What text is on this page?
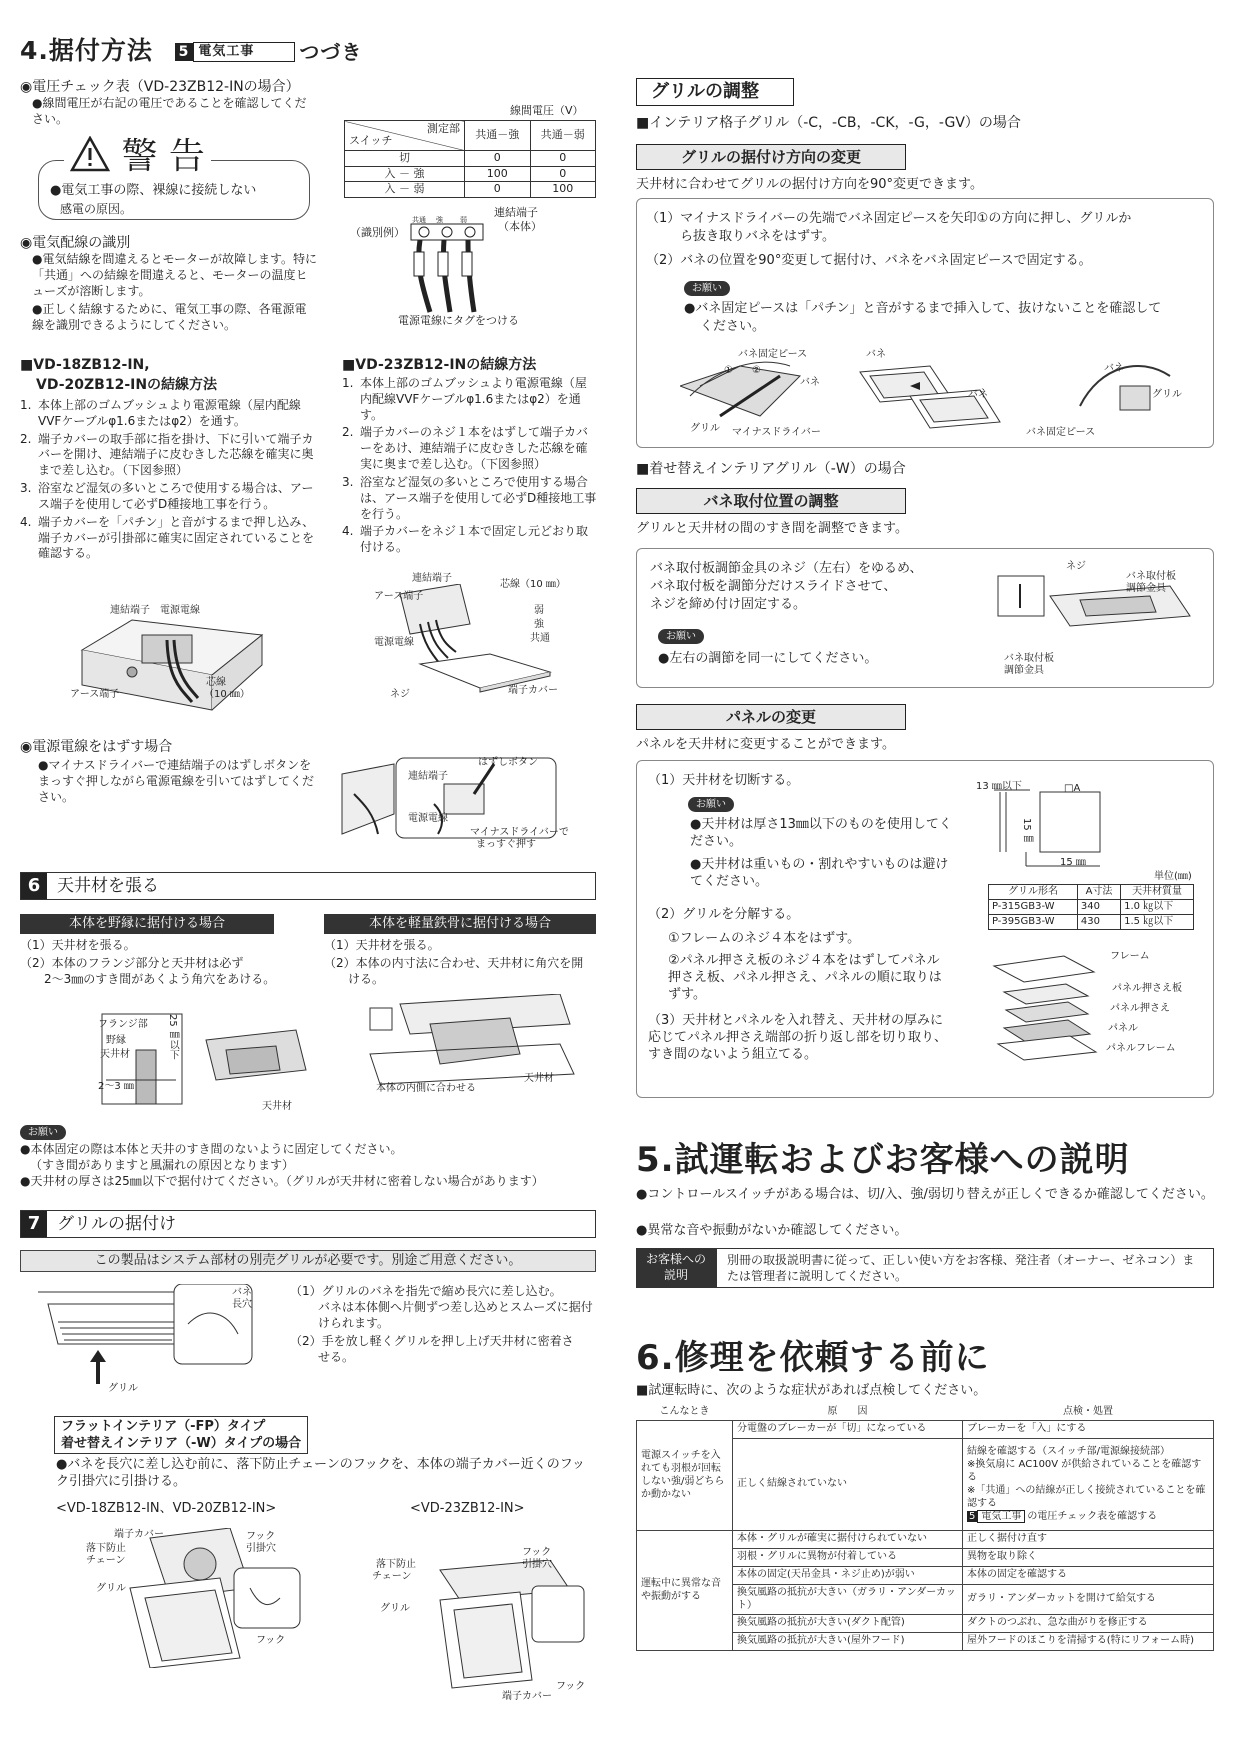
4.据付方法 5 電気工事 つづき
◉電圧チェック表（VD-23ZB12-INの場合）
●線間電圧が右記の電圧であることを確認してください。
線間電圧（V）
測定部
スイッチ	共通－強	共通－弱
切	0	0
入 － 強	100	0
入 － 弱	0	100
警 告
●電気工事の際、裸線に接続しない
感電の原因。
（識別例）
連結端子
（本体）
共通 強 弱
電源電線にタグをつける
◉電気配線の識別
●電気結線を間違えるとモーターが故障します。特に「共通」への結線を間違えると、モーターの温度ヒューズが溶断します。
●正しく結線するために、電気工事の際、各電源電線を識別できるようにしてください。
■VD-18ZB12-IN,
VD-20ZB12-INの結線方法
1. 本体上部のゴムブッシュより電源電線（屋内配線VVFケーブルφ1.6またはφ2）を通す。
2. 端子カバーの取手部に指を掛け、下に引いて端子カバーを開け、連結端子に皮むきした芯線を確実に奥まで差し込む。（下図参照）
3. 浴室など湿気の多いところで使用する場合は、アース端子を使用して必ずD種接地工事を行う。
4. 端子カバーを「パチン」と音がするまで押し込み、端子カバーが引掛部に確実に固定されていることを確認する。
連結端子 電源電線
アース端子
芯線
（10 ㎜）
■VD-23ZB12-INの結線方法
1. 本体上部のゴムブッシュより電源電線（屋内配線VVFケーブルφ1.6またはφ2）を通す。
2. 端子カバーのネジ１本をはずして端子カバーをあけ、連結端子に皮むきした芯線を確実に奥まで差し込む。（下図参照）
3. 浴室など湿気の多いところで使用する場合は、アース端子を使用して必ずD種接地工事を行う。
4. 端子カバーをネジ１本で固定し元どおり取付ける。
連結端子
芯線（10 ㎜）
アース端子
弱
強
共通
電源電線
ネジ	端子カバー
◉電源電線をはずす場合
●マイナスドライバーで連結端子のはずしボタンをまっすぐ押しながら電源電線を引いてはずしてください。
連結端子
はずしボタン
電源電線
マイナスドライバーで
まっすぐ押す
6 天井材を張る
本体を野縁に据付ける場合	本体を軽量鉄骨に据付ける場合
（1）天井材を張る。
（2）本体のフランジ部分と天井材は必ず
2～3㎜のすき間があくよう角穴をあける。
（1）天井材を張る。
（2）本体の内寸法に合わせ、天井材に角穴を開
ける。
フランジ部
野縁
天井材
2～3 ㎜
25 ㎜以下
天井材
本体の内側に合わせる
天井材
お願い
●本体固定の際は本体と天井のすき間のないように固定してください。
（すき間がありますと風漏れの原因となります）
●天井材の厚さは25㎜以下で据付けてください。（グリルが天井材に密着しない場合があります）
7 グリルの据付け
この製品はシステム部材の別売グリルが必要です。別途ご用意ください。
バネ
長穴
グリル
（1）グリルのバネを指先で縮め長穴に差し込む。
バネは本体側へ片側ずつ差し込めとスムーズに据付けられます。
（2）手を放し軽くグリルを押し上げ天井材に密着さ
せる。
フラットインテリア（-FP）タイプ
着せ替えインテリア（-W）タイプの場合
●バネを長穴に差し込む前に、落下防止チェーンのフックを、本体の端子カバー近くのフック引掛穴に引掛ける。
<VD-18ZB12-IN、VD-20ZB12-IN>	<VD-23ZB12-IN>
端子カバー
落下防止
チェーン
フック
引掛穴
グリル
フック
落下防止
チェーン
フック
引掛穴
グリル
端子カバー
フック
グリルの調整
■インテリア格子グリル（-C，-CB，-CK，-G，-GV）の場合
グリルの据付け方向の変更
天井材に合わせてグリルの据付け方向を90°変更できます。
（1）マイナスドライバーの先端でバネ固定ピースを矢印①の方向に押し、グリルか
ら抜き取りバネをはずす。
（2）バネの位置を90°変更して据付け、バネをバネ固定ピースで固定する。
お願い
●バネ固定ピースは「パチン」と音がするまで挿入して、抜けないことを確認して
ください。
バネ固定ピース
① ②
バネ
グリル マイナスドライバー
バネ
バネ
バネ
グリル
バネ固定ピース
■着せ替えインテリアグリル（-W）の場合
バネ取付位置の調整
グリルと天井材の間のすき間を調整できます。
バネ取付板調節金具のネジ（左右）をゆるめ、
バネ取付板を調節分だけスライドさせて、
ネジを締め付け固定する。
お願い
●左右の調節を同一にしてください。
ネジ
バネ取付板
調節金具
バネ取付板
調節金具
パネルの変更
パネルを天井材に変更することができます。
（1）天井材を切断する。
お願い
●天井材は厚さ13㎜以下のものを使用してください。
●天井材は重いもの・割れやすいものは避けてください。
（2）グリルを分解する。
①フレームのネジ４本をはずす。
②パネル押さえ板のネジ４本をはずしてパネル押さえ板、パネル押さえ、パネルの順に取りはずす。
（3）天井材とパネルを入れ替え、天井材の厚みに応じてパネル押さえ端部の折り返し部を切り取り、すき間のないよう組立てる。
13 ㎜以下	□A
15 ㎜
15 ㎜
単位(㎜)
グリル形名	A寸法	天井材質量
P-315GB3-W	340	1.0 ㎏以下
P-395GB3-W	430	1.5 ㎏以下
フレーム
パネル押さえ板
パネル押さえ
パネル
パネルフレーム
5.試運転およびお客様への説明
●コントロールスイッチがある場合は、切/入、強/弱切り替えが正しくできるか確認してください。
●異常な音や振動がないか確認してください。
お客様への説明
別冊の取扱説明書に従って、正しい使い方をお客様、発注者（オーナー、ゼネコン）または管理者に説明してください。
6.修理を依頼する前に
■試運転時に、次のような症状があれば点検してください。
こんなとき	原　　因	点検・処置
電源スイッチを入れても羽根が回転しない強/弱どちらか動かない	分電盤のブレーカーが「切」になっている	ブレーカーを「入」にする
	正しく結線されていない	結線を確認する（スイッチ部/電源線接続部）
※換気扇に AC100V が供給されていることを確認する
※「共通」への結線が正しく接続されていることを確認する
5 電気工事 の電圧チェック表を確認する

運転中に異常な音や振動がする	本体・グリルが確実に据付けられていない	正しく据付け直す
	羽根・グリルに異物が付着している	異物を取り除く
	本体の固定(天吊金具・ネジ止め)が弱い	本体の固定を確認する
	換気風路の抵抗が大きい（ガラリ・アンダーカット）	ガラリ・アンダーカットを開けて給気する
	換気風路の抵抗が大きい(ダクト配管)	ダクトのつぶれ、急な曲がりを修正する
	換気風路の抵抗が大きい(屋外フード)	屋外フードのほこりを清掃する(特にリフォーム時)
